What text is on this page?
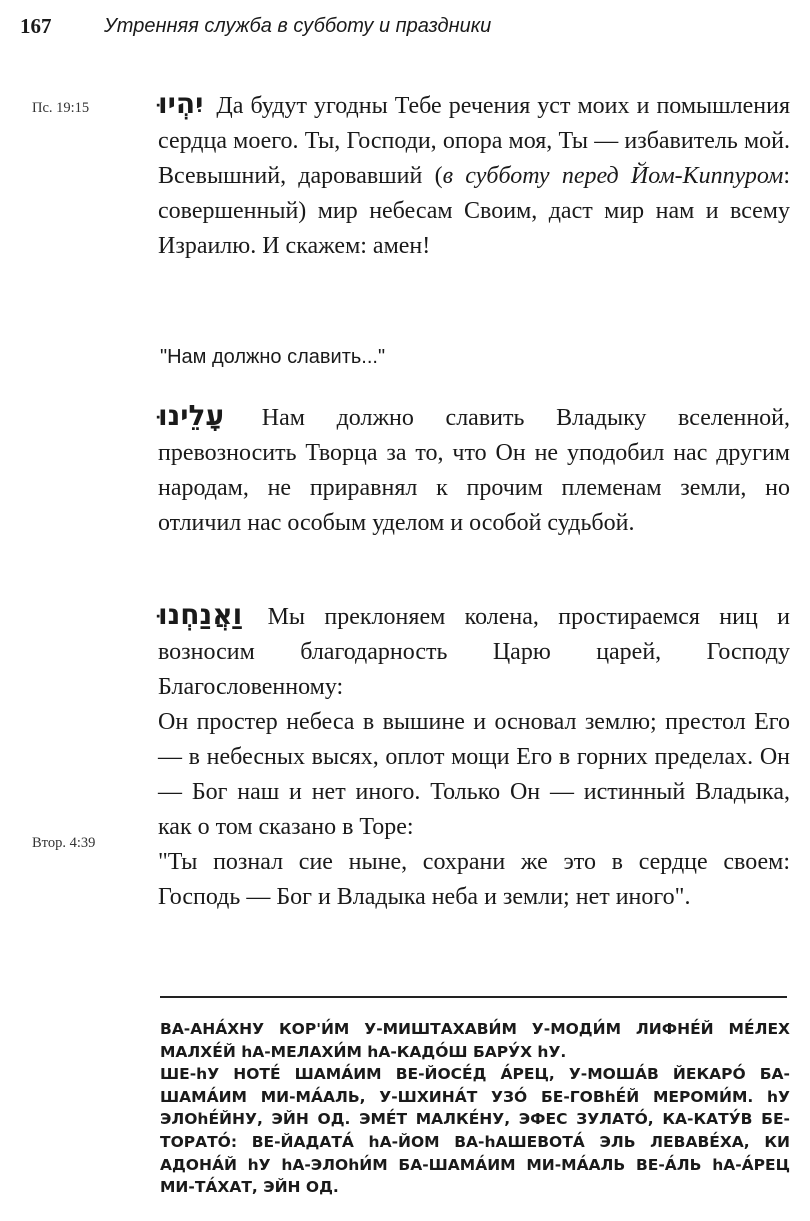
167	Утренняя служба в субботу и праздники
Пс. 19:15 יִהְיוּ Да будут угодны Тебе речения уст моих и помышления сердца моего. Ты, Господи, опора моя, Ты — избавитель мой. Всевышний, даровавший (в субботу перед Йом-Киппуром: совершенный) мир небесам Своим, даст мир нам и всему Израилю. И скажем: амен!
"Нам должно славить..."
עָלֵינוּ Нам должно славить Владыку вселенной, превозносить Творца за то, что Он не уподобил нас другим народам, не приравнял к прочим племенам земли, но отличил нас особым уделом и особой судьбой.
וַאֲנַחְנוּ Мы преклоняем колена, простираемся ниц и возносим благодарность Царю царей, Господу Благословенному:
Он простер небеса в вышине и основал землю; престол Его — в небесных высях, оплот мощи Его в горних пределах. Он — Бог наш и нет иного. Только Он — истинный Владыка, как о том сказано в Торе:
"Ты познал сие ныне, сохрани же это в сердце своем: Господь — Бог и Владыка неба и земли; нет иного".
Втор. 4:39

ВА-АНА́ХНУ КОР'И́М У-МИШТАХАВИ́М У-МОДИ́М ЛИФНЕ́Й МЕ́ЛЕХ МАЛХЕ́Й hА-МЕЛАХИ́М hА-КАДО́Ш БАРУ́Х hУ.

ШЕ-hУ НОТЕ́ ШАМА́ИМ ВЕ-ЙОСЕ́Д А́РЕЦ, У-МОША́В ЙЕКАРО́ БА-ШАМА́ИМ МИ-МА́АЛЬ, У-ШХИНА́Т УЗО́ БЕ-ГОВhЕ́Й МЕРОМИ́М. hУ ЭЛОhЕ́ЙНУ, ЭЙН ОД. ЭМЕ́Т МАЛКЕ́НУ, ЭФЕС ЗУЛАТО́, КА-КАТУ́В БЕ-ТОРАТО́: ВЕ-ЙАДАТА́ hА-ЙОМ ВА-hАШЕВОТА́ ЭЛЬ ЛЕВАВЕ́ХА, КИ АДОНА́Й hУ hА-ЭЛОhИ́М БА-ШАМА́ИМ МИ-МА́АЛЬ ВЕ-А́ЛЬ hА-А́РЕЦ МИ-ТА́ХАТ, ЭЙН ОД.
